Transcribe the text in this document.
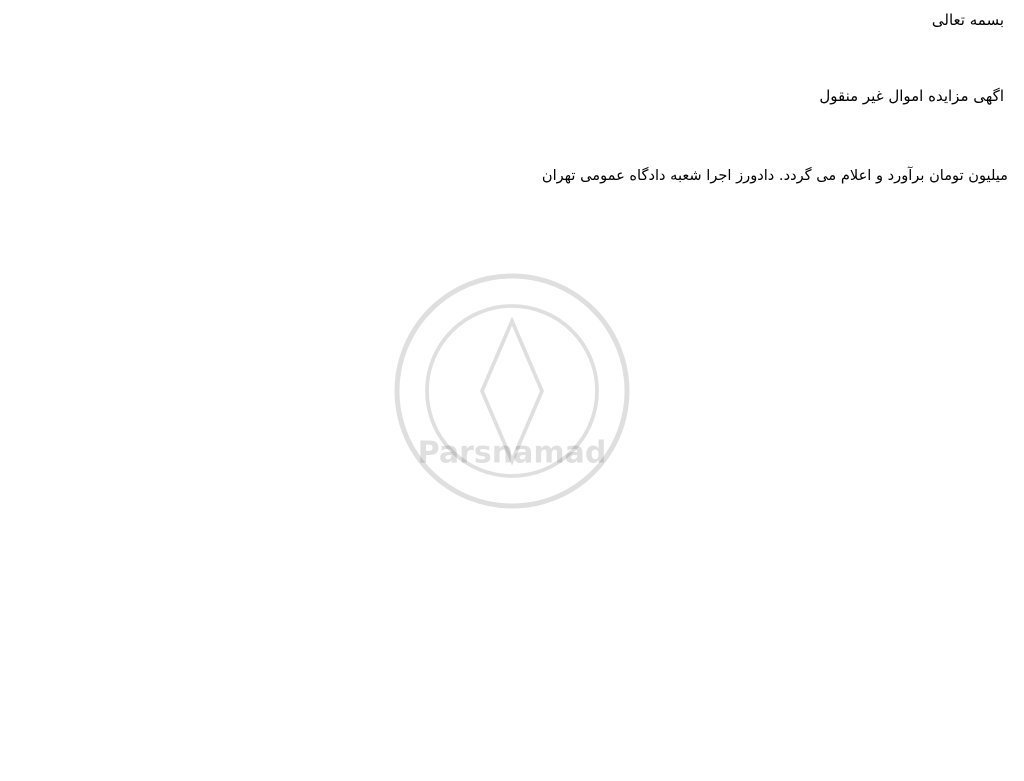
بسمه تعالی

اگهی مزایده اموال غیر منقول

میلیون تومان برآورد و اعلام می گردد. دادورز اجرا شعبه دادگاه عمومی تهران

Parsnamad
